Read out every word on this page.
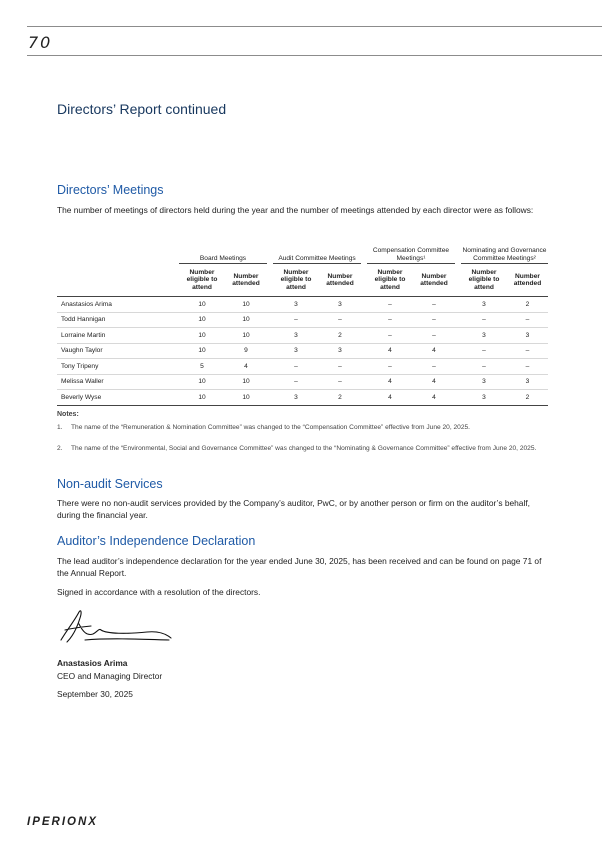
70
Directors’ Report continued
Directors’ Meetings
The number of meetings of directors held during the year and the number of meetings attended by each director were as follows:
	Board Meetings			Audit Committee Meetings			Compensation Committee Meetings¹			Nominating and Governance Committee Meetings²	
	Number eligible to attend	Number attended		Number eligible to attend	Number attended		Number eligible to attend	Number attended		Number eligible to attend	Number attended
Anastasios Arima	10	10		3	3		–	–		3	2
Todd Hannigan	10	10		–	–		–	–		–	–
Lorraine Martin	10	10		3	2		–	–		3	3
Vaughn Taylor	10	9		3	3		4	4		–	–
Tony Tripeny	5	4		–	–		–	–		–	–
Melissa Waller	10	10		–	–		4	4		3	3
Beverly Wyse	10	10		3	2		4	4		3	2
Notes:
1. The name of the “Remuneration & Nomination Committee” was changed to the “Compensation Committee” effective from June 20, 2025.
2. The name of the “Environmental, Social and Governance Committee” was changed to the “Nominating & Governance Committee” effective from June 20, 2025.
Non-audit Services
There were no non-audit services provided by the Company’s auditor, PwC, or by another person or firm on the auditor’s behalf, during the financial year.
Auditor’s Independence Declaration
The lead auditor’s independence declaration for the year ended June 30, 2025, has been received and can be found on page 71 of the Annual Report.
Signed in accordance with a resolution of the directors.
Anastasios Arima
CEO and Managing Director
September 30, 2025
IPERIONX
